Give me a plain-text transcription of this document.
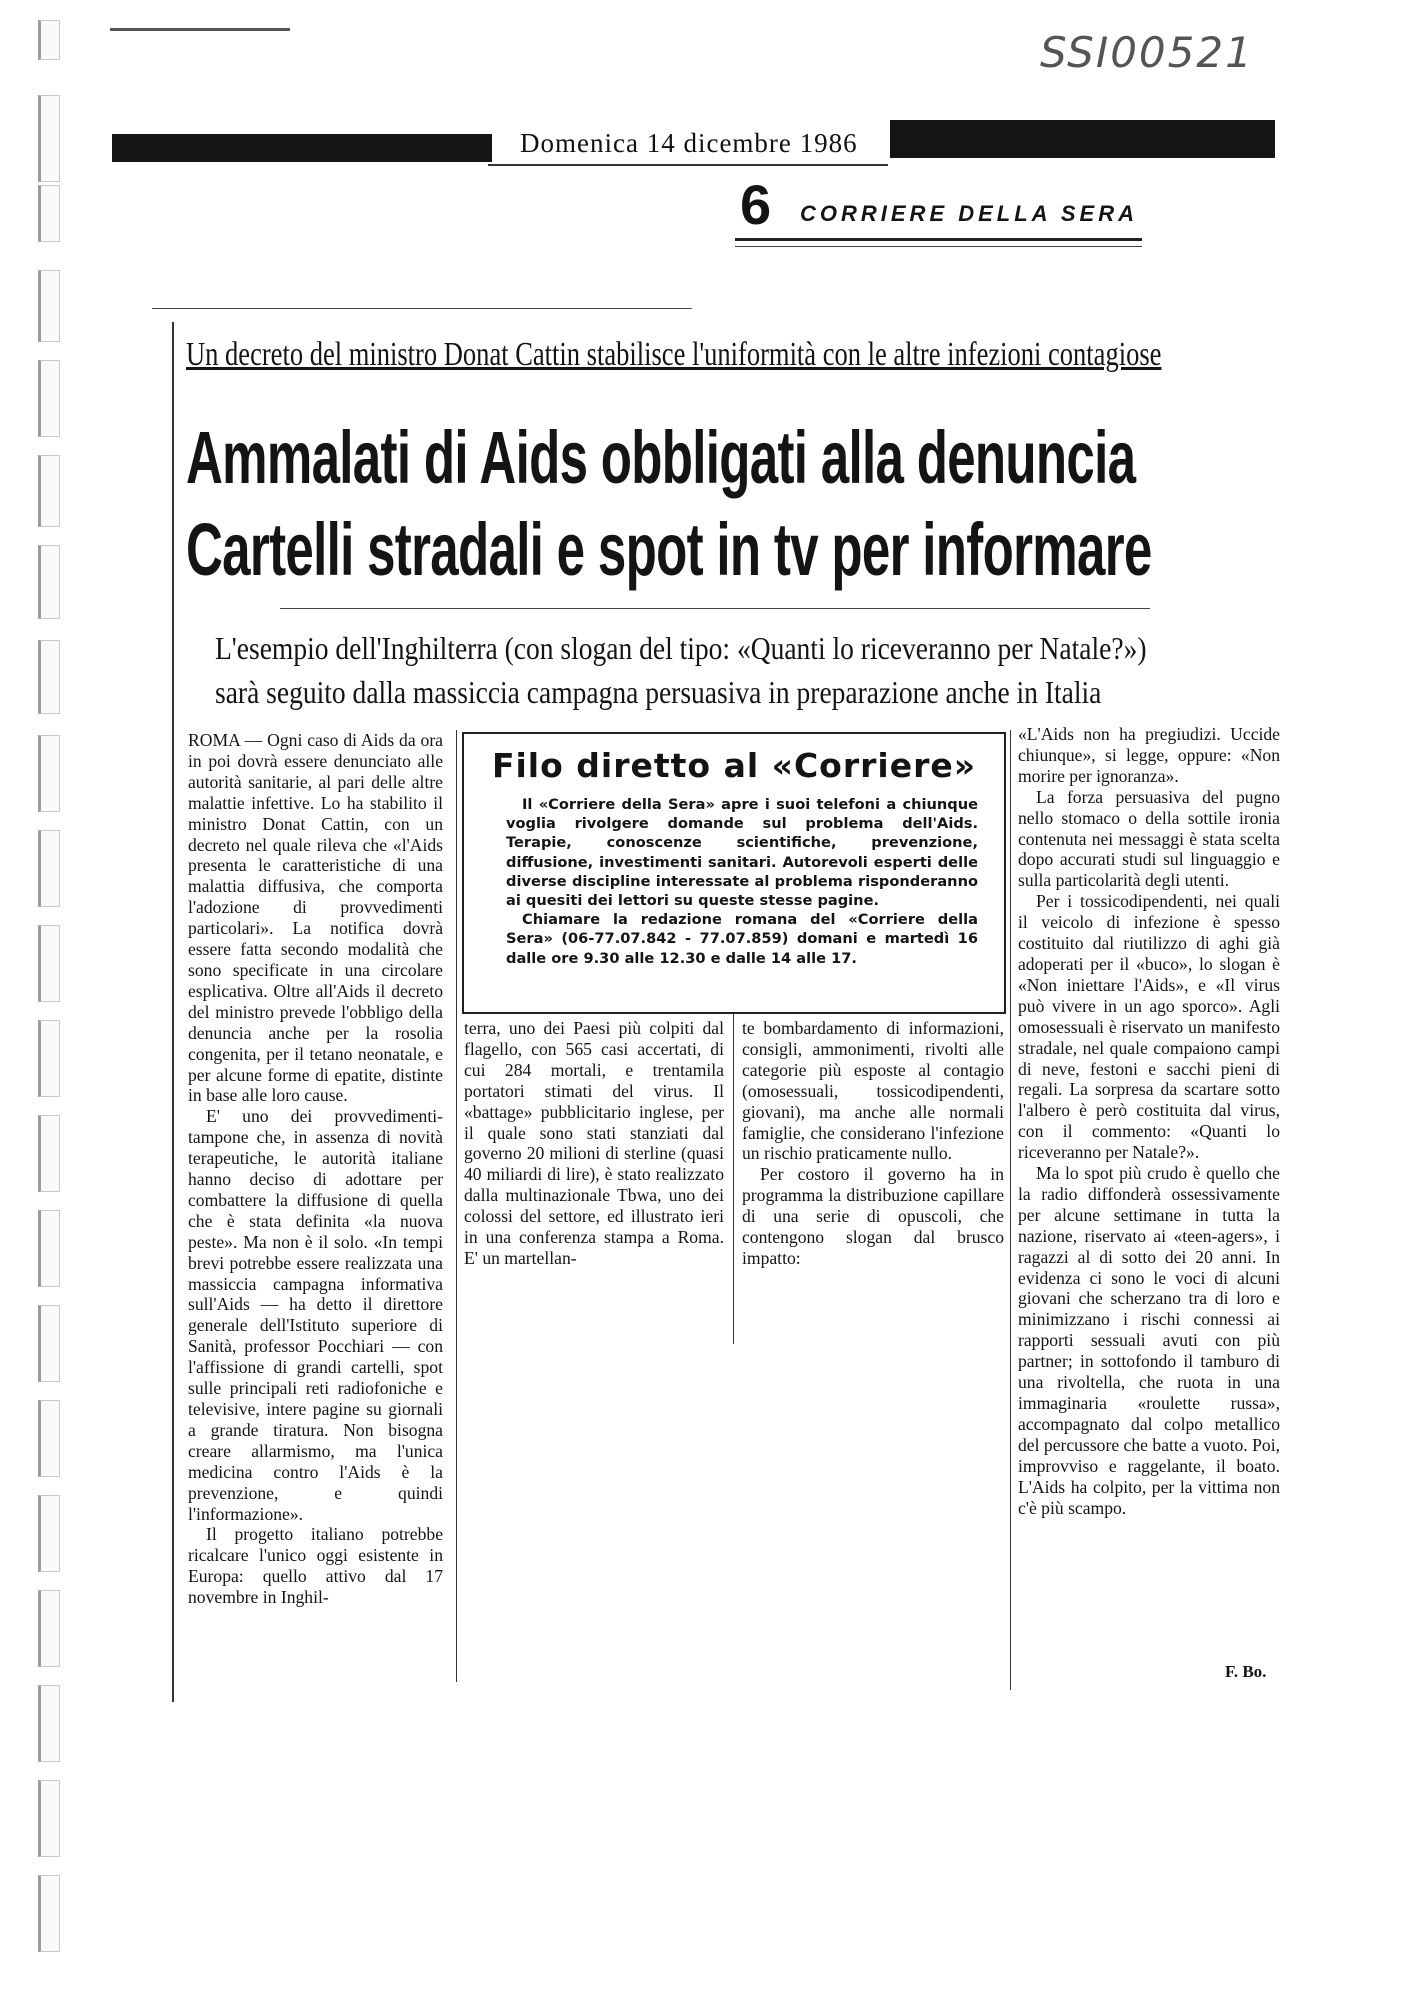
SSI00521
Domenica 14 dicembre 1986
6 CORRIERE DELLA SERA
Un decreto del ministro Donat Cattin stabilisce l'uniformità con le altre infezioni contagiose
Ammalati di Aids obbligati alla denuncia
Cartelli stradali e spot in tv per informare
L'esempio dell'Inghilterra (con slogan del tipo: «Quanti lo riceveranno per Natale?»)
sarà seguito dalla massiccia campagna persuasiva in preparazione anche in Italia

ROMA — Ogni caso di Aids da ora in poi dovrà essere denunciato alle autorità sanitarie, al pari delle altre malattie infettive. Lo ha stabilito il ministro Donat Cattin, con un decreto nel quale rileva che «l'Aids presenta le caratteristiche di una malattia diffusiva, che comporta l'adozione di provvedimenti particolari». La notifica dovrà essere fatta secondo modalità che sono specificate in una circolare esplicativa. Oltre all'Aids il decreto del ministro prevede l'obbligo della denuncia anche per la rosolia congenita, per il tetano neonatale, e per alcune forme di epatite, distinte in base alle loro cause.

E' uno dei provvedimenti-tampone che, in assenza di novità terapeutiche, le autorità italiane hanno deciso di adottare per combattere la diffusione di quella che è stata definita «la nuova peste». Ma non è il solo. «In tempi brevi potrebbe essere realizzata una massiccia campagna informativa sull'Aids — ha detto il direttore generale dell'Istituto superiore di Sanità, professor Pocchiari — con l'affissione di grandi cartelli, spot sulle principali reti radiofoniche e televisive, intere pagine su giornali a grande tiratura. Non bisogna creare allarmismo, ma l'unica medicina contro l'Aids è la prevenzione, e quindi l'informazione».

Il progetto italiano potrebbe ricalcare l'unico oggi esistente in Europa: quello attivo dal 17 novembre in Inghil-

Filo diretto al «Corriere»

Il «Corriere della Sera» apre i suoi telefoni a chiunque voglia rivolgere domande sul problema dell'Aids. Terapie, conoscenze scientifiche, prevenzione, diffusione, investimenti sanitari. Autorevoli esperti delle diverse discipline interessate al problema risponderanno ai quesiti dei lettori su queste stesse pagine.

Chiamare la redazione romana del «Corriere della Sera» (06-77.07.842 - 77.07.859) domani e martedì 16 dalle ore 9.30 alle 12.30 e dalle 14 alle 17.

terra, uno dei Paesi più colpiti dal flagello, con 565 casi accertati, di cui 284 mortali, e trentamila portatori stimati del virus. Il «battage» pubblicitario inglese, per il quale sono stati stanziati dal governo 20 milioni di sterline (quasi 40 miliardi di lire), è stato realizzato dalla multinazionale Tbwa, uno dei colossi del settore, ed illustrato ieri in una conferenza stampa a Roma. E' un martellan-

te bombardamento di informazioni, consigli, ammonimenti, rivolti alle categorie più esposte al contagio (omosessuali, tossicodipendenti, giovani), ma anche alle normali famiglie, che considerano l'infezione un rischio praticamente nullo.

Per costoro il governo ha in programma la distribuzione capillare di una serie di opuscoli, che contengono slogan dal brusco impatto:

«L'Aids non ha pregiudizi. Uccide chiunque», si legge, oppure: «Non morire per ignoranza».

La forza persuasiva del pugno nello stomaco o della sottile ironia contenuta nei messaggi è stata scelta dopo accurati studi sul linguaggio e sulla particolarità degli utenti.

Per i tossicodipendenti, nei quali il veicolo di infezione è spesso costituito dal riutilizzo di aghi già adoperati per il «buco», lo slogan è «Non iniettare l'Aids», e «Il virus può vivere in un ago sporco». Agli omosessuali è riservato un manifesto stradale, nel quale compaiono campi di neve, festoni e sacchi pieni di regali. La sorpresa da scartare sotto l'albero è però costituita dal virus, con il commento: «Quanti lo riceveranno per Natale?».

Ma lo spot più crudo è quello che la radio diffonderà ossessivamente per alcune settimane in tutta la nazione, riservato ai «teen-agers», i ragazzi al di sotto dei 20 anni. In evidenza ci sono le voci di alcuni giovani che scherzano tra di loro e minimizzano i rischi connessi ai rapporti sessuali avuti con più partner; in sottofondo il tamburo di una rivoltella, che ruota in una immaginaria «roulette russa», accompagnato dal colpo metallico del percussore che batte a vuoto. Poi, improvviso e raggelante, il boato. L'Aids ha colpito, per la vittima non c'è più scampo.

F. Bo.
